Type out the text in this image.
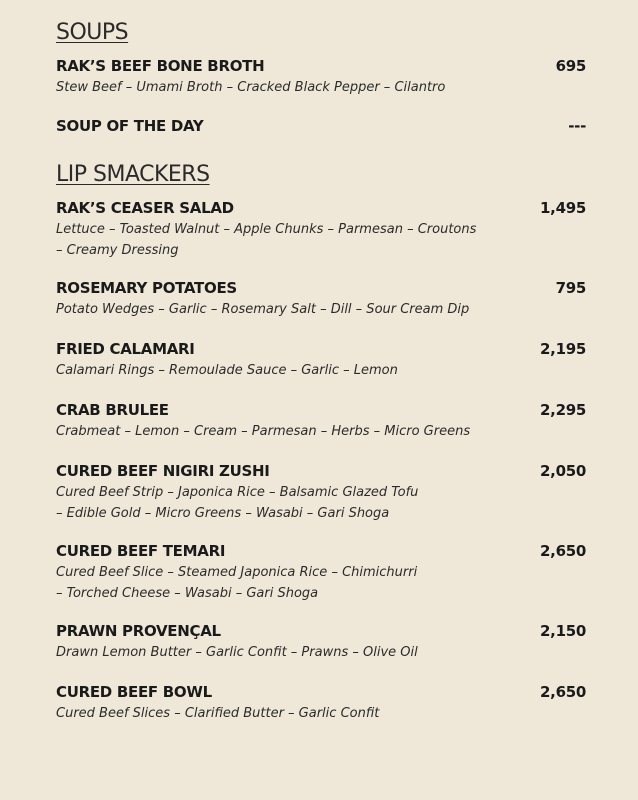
SOUPS
RAK’S BEEF BONE BROTH	695
Stew Beef – Umami Broth – Cracked Black Pepper – Cilantro
SOUP OF THE DAY	---
LIP SMACKERS
RAK’S CEASER SALAD	1,495
Lettuce – Toasted Walnut – Apple Chunks – Parmesan – Croutons
– Creamy Dressing
ROSEMARY POTATOES	795
Potato Wedges – Garlic – Rosemary Salt – Dill – Sour Cream Dip
FRIED CALAMARI	2,195
Calamari Rings – Remoulade Sauce – Garlic – Lemon
CRAB BRULEE	2,295
Crabmeat – Lemon – Cream – Parmesan – Herbs – Micro Greens
CURED BEEF NIGIRI ZUSHI	2,050
Cured Beef Strip – Japonica Rice – Balsamic Glazed Tofu
– Edible Gold – Micro Greens – Wasabi – Gari Shoga
CURED BEEF TEMARI	2,650
Cured Beef Slice – Steamed Japonica Rice – Chimichurri
– Torched Cheese – Wasabi – Gari Shoga
PRAWN PROVENÇAL	2,150
Drawn Lemon Butter – Garlic Confit – Prawns – Olive Oil
CURED BEEF BOWL	2,650
Cured Beef Slices – Clarified Butter – Garlic Confit
